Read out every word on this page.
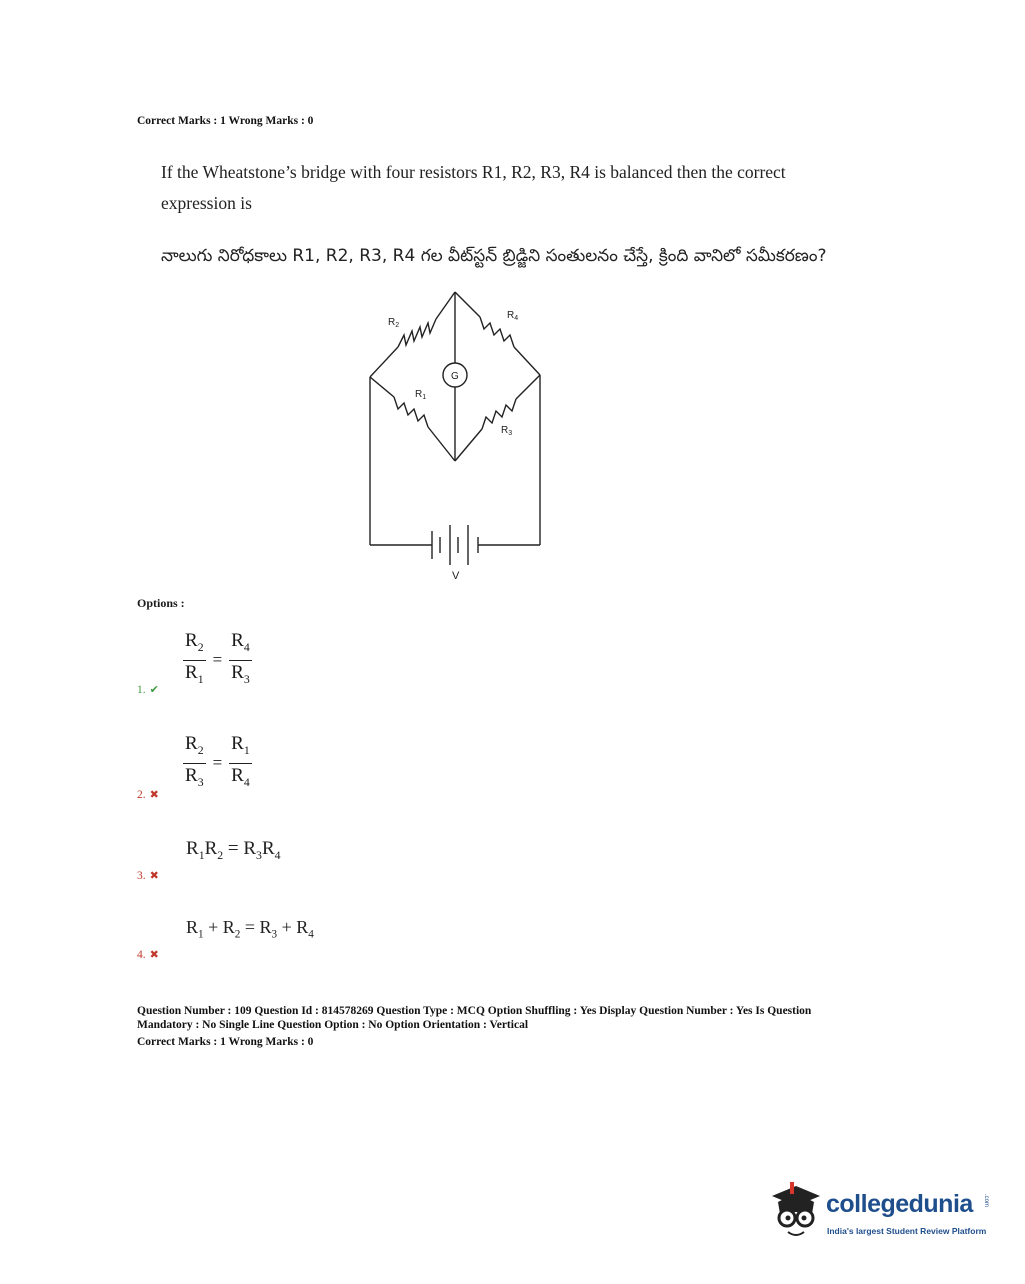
Correct Marks : 1 Wrong Marks : 0
If the Wheatstone’s bridge with four resistors R1, R2, R3, R4 is balanced then the correct
expression is
నాలుగు నిరోధకాలు R1, R2, R3, R4 గల వీట్‌స్టన్ బ్రిడ్జిని సంతులనం చేస్తే, క్రింది వానిలో సమీకరణం?
$R_2$
$R_4$
$R_1$
$R_3$
G
V
Options :
$\frac{R_2}{R_1} = \frac{R_4}{R_3}$
1. ✔
$\frac{R_2}{R_3} = \frac{R_1}{R_4}$
2. ✖
$R_1R_2 = R_3R_4$
3. ✖
$R_1 + R_2 = R_3 + R_4$
4. ✖
Question Number : 109 Question Id : 814578269 Question Type : MCQ Option Shuffling : Yes Display Question Number : Yes Is Question
Mandatory : No Single Line Question Option : No Option Orientation : Vertical
Correct Marks : 1 Wrong Marks : 0
collegedunia .com
India's largest Student Review Platform
